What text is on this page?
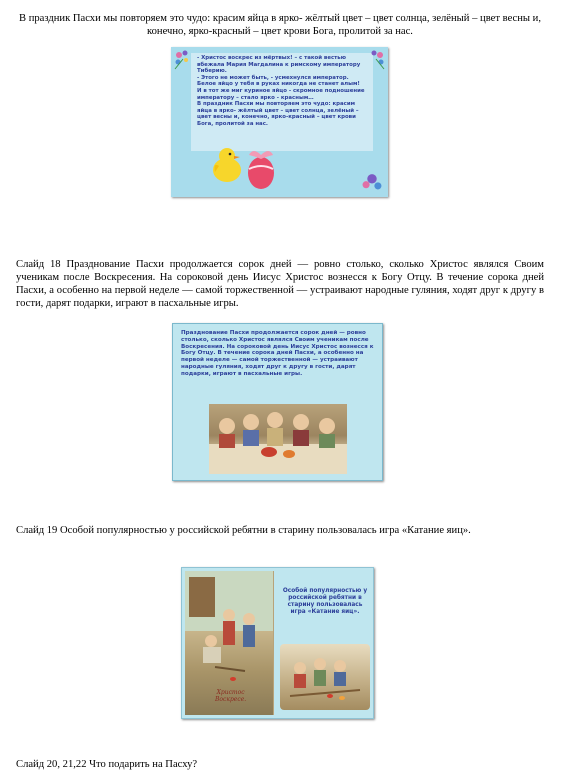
В праздник Пасхи мы повторяем это чудо: красим яйца в ярко- жёлтый цвет – цвет солнца, зелёный – цвет весны и, конечно, ярко-красный – цвет крови Бога, пролитой за нас.
- Христос воскрес из мёртвых! – с такой вестью вбежала Мария Магдалина к римскому императору Тиберию.
- Этого не может быть, - усмехнулся император. Белое яйцо у тебя в руках никогда не станет алым!
И в тот же миг куриное яйцо - скромное подношение императору – стало ярко - красным…
В праздник Пасхи мы повторяем это чудо: красим яйца в ярко- жёлтый цвет – цвет солнца, зелёный – цвет весны и, конечно, ярко-красный – цвет крови Бога, пролитой за нас.
Слайд 18 Празднование Пасхи продолжается сорок дней — ровно столько, сколько Христос являлся Своим ученикам после Воскресения. На сороковой день Иисус Христос вознесся к Богу Отцу. В течение сорока дней Пасхи, а особенно на первой неделе — самой торжественной — устраивают народные гуляния, ходят друг к другу в гости, дарят подарки, играют в пасхальные игры.
Празднование Пасхи продолжается сорок дней — ровно столько, сколько Христос являлся Своим ученикам после Воскресения. На сороковой день Иисус Христос вознесся к Богу Отцу. В течение сорока дней Пасхи, а особенно на первой неделе — самой торжественной — устраивают народные гуляния, ходят друг к другу в гости, дарят подарки, играют в пасхальные игры.
Слайд 19 Особой популярностью у российской ребятни в старину пользовалась игра «Катание яиц».
Христос
Воскресе.
Особой популярностью у российской ребятни в старину пользовалась игра «Катание яиц».
Слайд 20, 21,22 Что подарить на Пасху?
